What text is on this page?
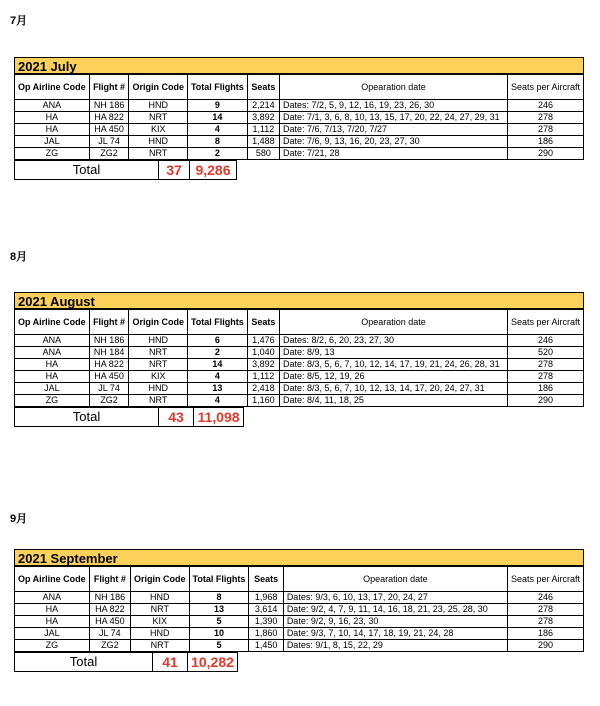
7月
2021 July
Op Airline Code	Flight #	Origin Code	Total Flights	Seats	Opearation date	Seats per Aircraft
ANA	NH 186	HND	9	2,214	Dates: 7/2, 5, 9, 12, 16, 19, 23, 26, 30	246
HA	HA 822	NRT	14	3,892	Date: 7/1, 3, 6, 8, 10, 13, 15, 17, 20, 22, 24, 27, 29, 31	278
HA	HA 450	KIX	4	1,112	Date: 7/6, 7/13, 7/20, 7/27	278
JAL	JL 74	HND	8	1,488	Date: 7/6, 9, 13, 16, 20, 23, 27, 30	186
ZG	ZG2	NRT	2	580	Date: 7/21, 28	290
Total	37	9,286
8月
2021 August
Op Airline Code	Flight #	Origin Code	Total Flights	Seats	Opearation date	Seats per Aircraft
ANA	NH 186	HND	6	1,476	Dates: 8/2, 6, 20, 23, 27, 30	246
ANA	NH 184	NRT	2	1,040	Date: 8/9, 13	520
HA	HA 822	NRT	14	3,892	Date: 8/3, 5, 6, 7, 10, 12, 14, 17, 19, 21, 24, 26, 28, 31	278
HA	HA 450	KIX	4	1,112	Date: 8/5, 12, 19, 26	278
JAL	JL 74	HND	13	2,418	Date: 8/3, 5, 6, 7, 10, 12, 13, 14, 17, 20, 24, 27, 31	186
ZG	ZG2	NRT	4	1,160	Date: 8/4, 11, 18, 25	290
Total	43	11,098
9月
2021 September
Op Airline Code	Flight #	Origin Code	Total Flights	Seats	Opearation date	Seats per Aircraft
ANA	NH 186	HND	8	1,968	Dates: 9/3, 6, 10, 13, 17, 20, 24, 27	246
HA	HA 822	NRT	13	3,614	Date: 9/2, 4, 7, 9, 11, 14, 16, 18, 21, 23, 25, 28, 30	278
HA	HA 450	KIX	5	1,390	Date: 9/2, 9, 16, 23, 30	278
JAL	JL 74	HND	10	1,860	Date: 9/3, 7, 10, 14, 17, 18, 19, 21, 24, 28	186
ZG	ZG2	NRT	5	1,450	Dates: 9/1, 8, 15, 22, 29	290
Total	41	10,282
